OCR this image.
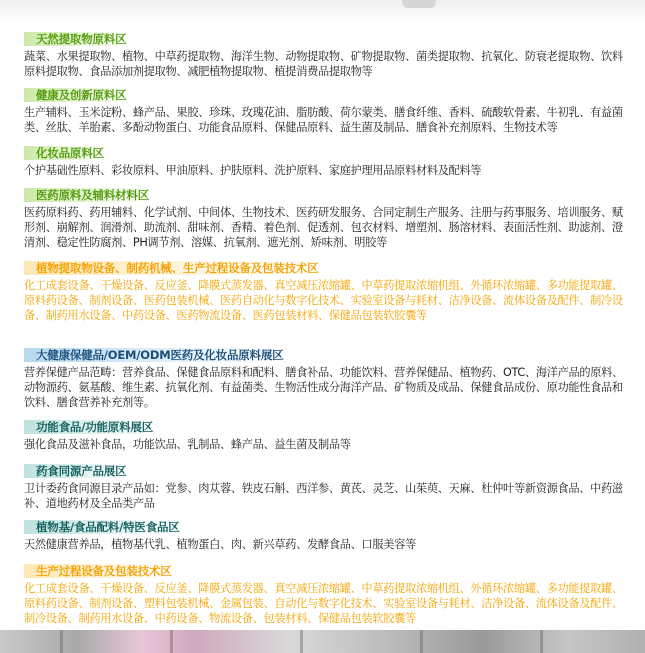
天然提取物原料区
蔬菜、水果提取物、植物、中草药提取物、海洋生物、动物提取物、矿物提取物、菌类提取物、抗氧化、防衰老提取物、饮料原料提取物、食品添加剂提取物、减肥植物提取物、植提消费品提取物等
健康及创新原料区
生产辅料、玉米淀粉、蜂产品、果胶、珍珠、玫瑰花油、脂肪酸、荷尔蒙类、膳食纤维、香料、硫酸软骨素、牛初乳、有益菌类、丝肽、羊胎素、多酚动物蛋白、功能食品原料、保健品原料、益生菌及制品、膳食补充剂原料、生物技术等
化妆品原料区
个护基础性原料、彩妆原料、甲油原料、护肤原料、洗护原料、家庭护理用品原料材料及配料等
医药原料及辅料材料区
医药原料药、药用辅料、化学试剂、中间体、生物技术、医药研发服务、合同定制生产服务、注册与药事服务、培训服务、赋形剂、崩解剂、润滑剂、助流剂、甜味剂、香精、着色剂、促透剂、包衣材料、增塑剂、肠溶材料、表面活性剂、助滤剂、澄清剂、稳定性防腐剂、PH调节剂、溶媒、抗氧剂、遮光剂、矫味剂、明胶等
植物提取物设备、制药机械、生产过程设备及包装技术区
化工成套设备、干燥设备、反应釜、降膜式蒸发器、真空减压浓缩罐、中草药提取浓缩机组、外循环浓缩罐、多功能提取罐、原料药设备、制剂设备、医药包装机械、医药自动化与数字化技术、实验室设备与耗材、洁净设备、流体设备及配件、制冷设备、制药用水设备、中药设备、医药物流设备、医药包装材料、保健品包装软胶囊等
大健康保健品/OEM/ODM医药及化妆品原料展区
营养保健产品范畴：营养食品、保健食品原料和配料、膳食补品、功能饮料、营养保健品、植物药、OTC、海洋产品的原料、动物源药、氨基酸、维生素、抗氧化剂、有益菌类、生物活性成分海洋产品、矿物质及成品、保健食品成份、原功能性食品和饮料、膳食营养补充剂等。
功能食品/功能原料展区
强化食品及滋补食品，功能饮品、乳制品、蜂产品、益生菌及制品等
药食同源产品展区
卫计委药食同源目录产品如：党参、肉苁蓉、铁皮石斛、西洋参、黄芪、灵芝、山茱萸、天麻、杜仲叶等新资源食品、中药滋补、道地药材及全品类产品
植物基/食品配料/特医食品区
天然健康营养品，植物基代乳、植物蛋白、肉、新兴草药、发酵食品、口服美容等
生产过程设备及包装技术区
化工成套设备、干燥设备、反应釜、降膜式蒸发器、真空减压浓缩罐、中草药提取浓缩机组、外循环浓缩罐、多功能提取罐、原料药设备、制剂设备、塑料包装机械、金属包装、自动化与数字化技术、实验室设备与耗材、洁净设备、流体设备及配件、制冷设备、制药用水设备、中药设备、物流设备、包装材料、保健品包装软胶囊等
